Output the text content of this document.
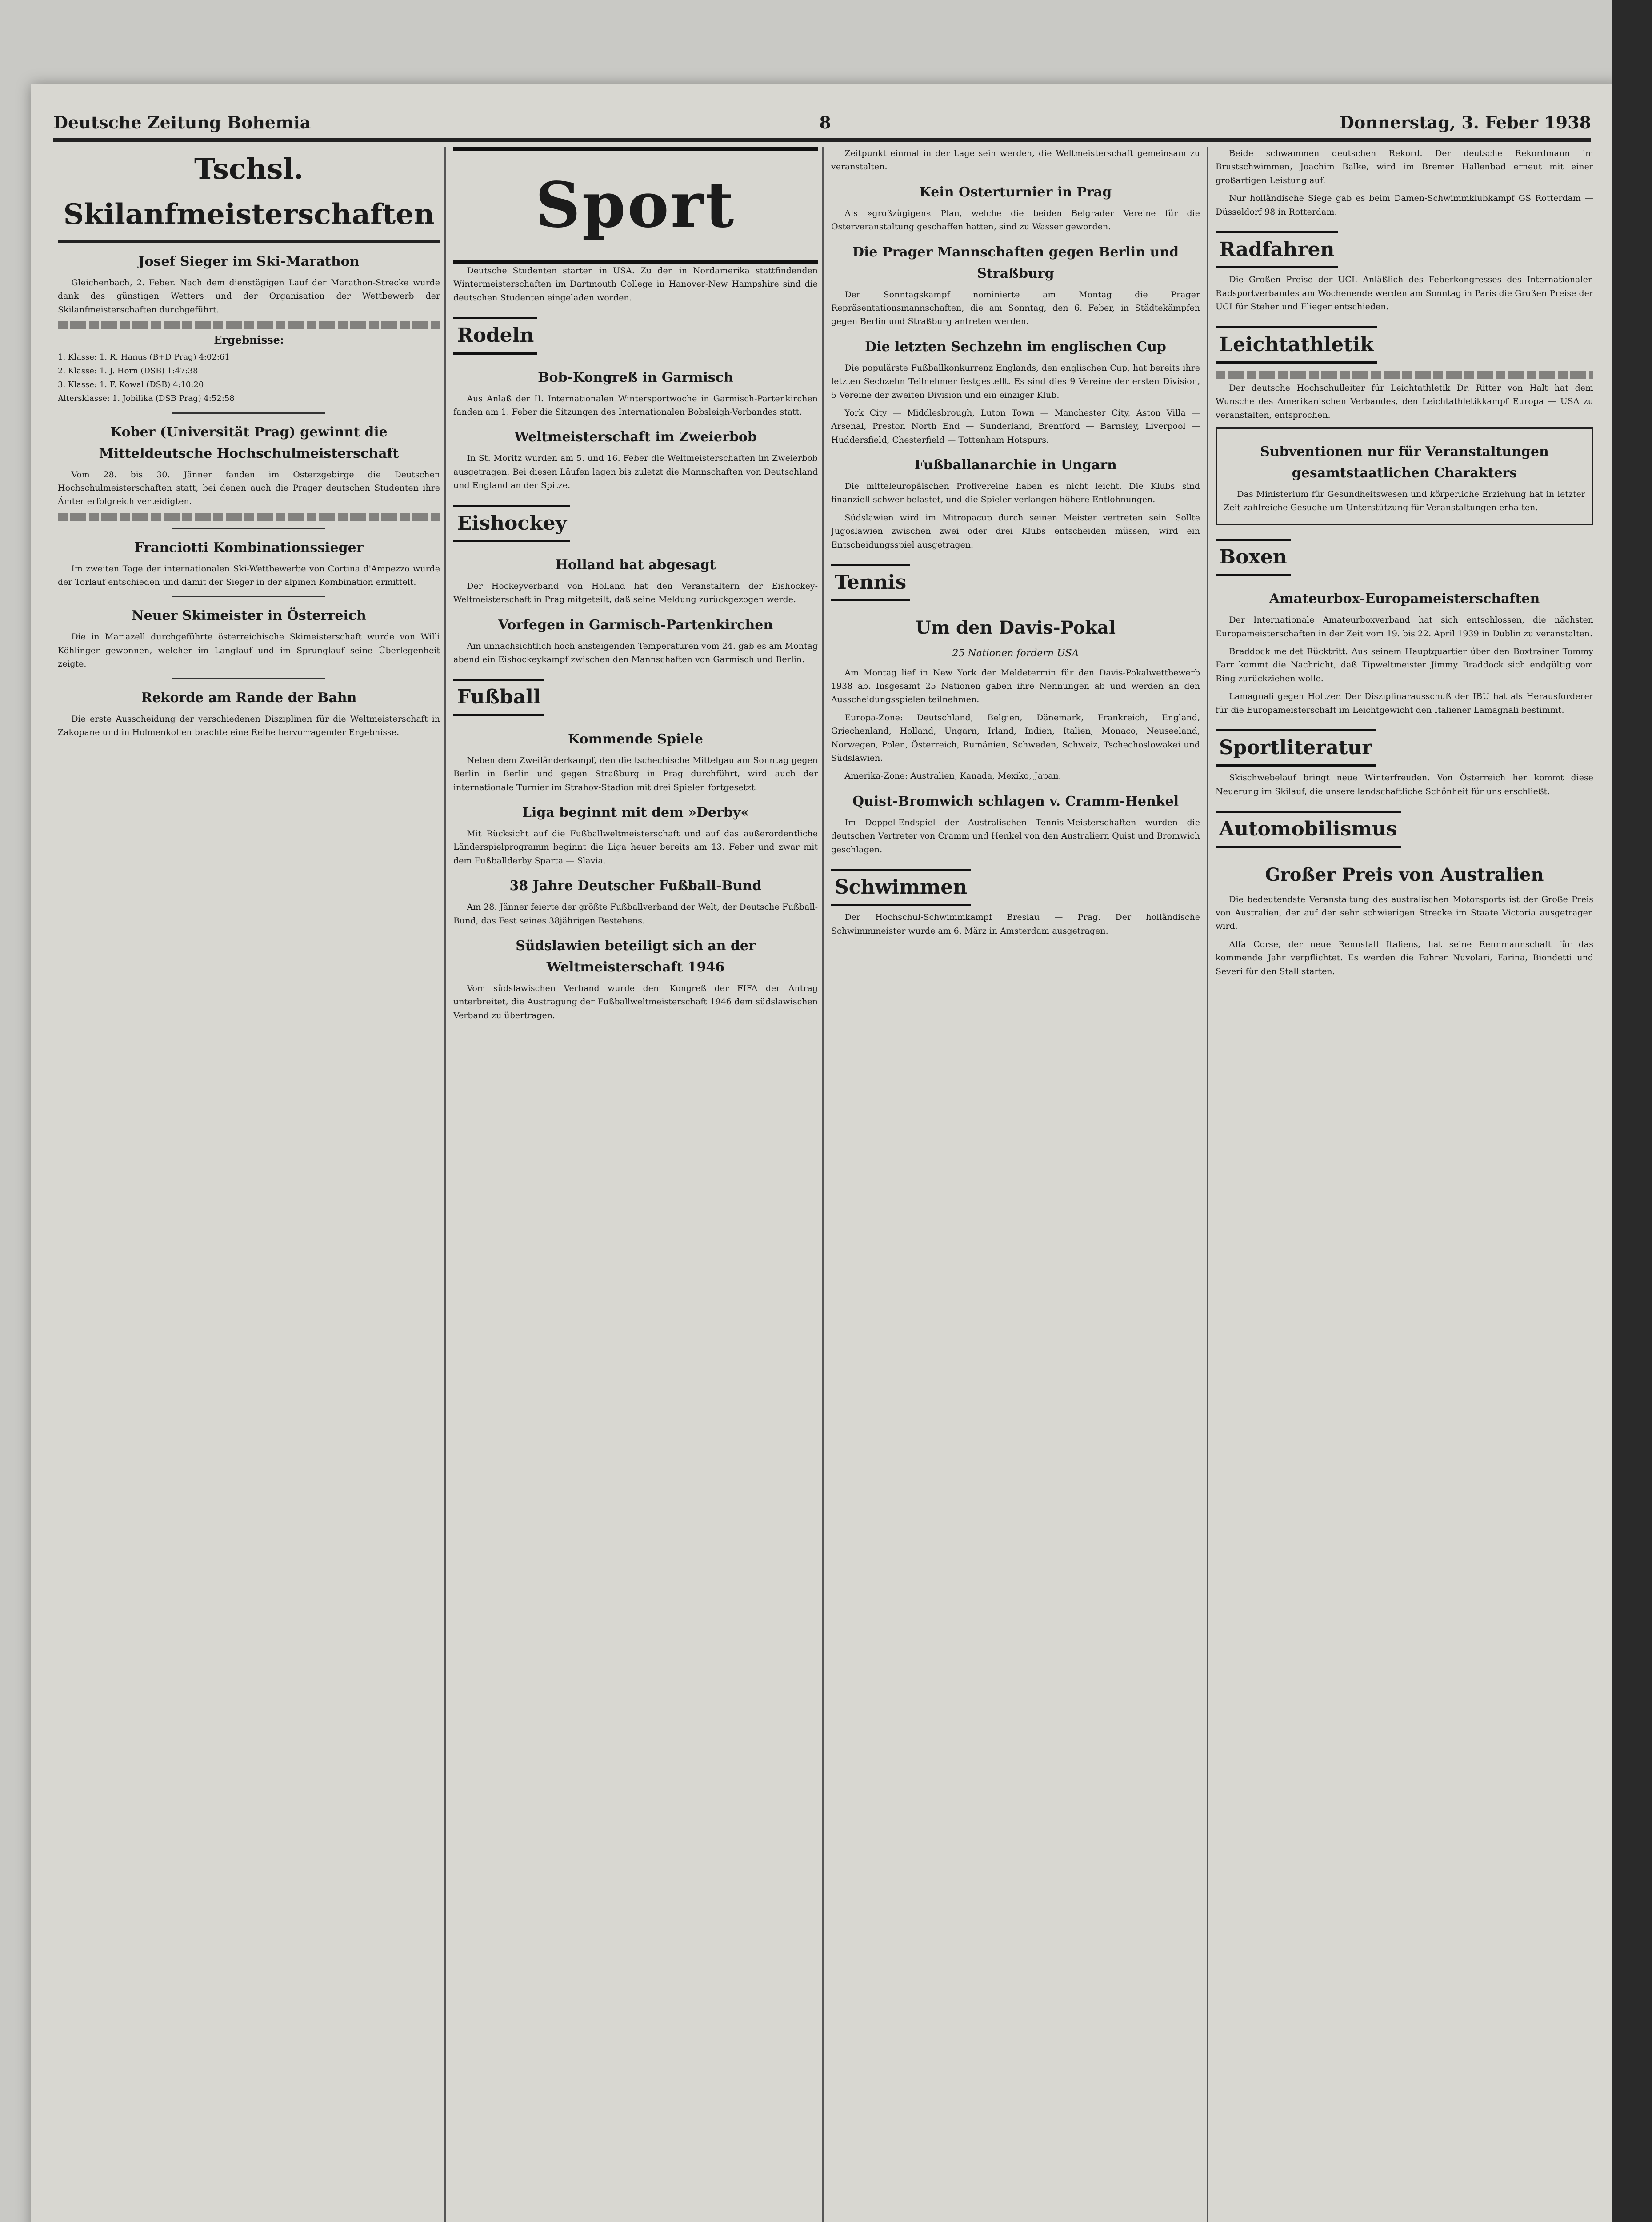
Deutsche Zeitung Bohemia	8	Donnerstag, 3. Feber 1938
Tschsl. Skilanfmeisterschaften
Josef Sieger im Ski-Marathon

Gleichenbach, 2. Feber. Nach dem dienstägigen Lauf der Marathon-Strecke wurde dank des günstigen Wetters und der Organisation der Wettbewerb der Skilanfmeisterschaften durchgeführt.

Ergebnisse:
1. Klasse: 1. R. Hanus (B+D Prag) 4:02:61
2. Klasse: 1. J. Horn (DSB) 1:47:38
3. Klasse: 1. F. Kowal (DSB) 4:10:20
Altersklasse: 1. Jobilika (DSB Prag) 4:52:58
Kober (Universität Prag) gewinnt die Mitteldeutsche Hochschulmeisterschaft

Vom 28. bis 30. Jänner fanden im Osterzgebirge die Deutschen Hochschulmeisterschaften statt, bei denen auch die Prager deutschen Studenten ihre Ämter erfolgreich verteidigten.

Franciotti Kombinationssieger

Im zweiten Tage der internationalen Ski-Wettbewerbe von Cortina d'Ampezzo wurde der Torlauf entschieden und damit der Sieger in der alpinen Kombination ermittelt.

Neuer Skimeister in Österreich

Die in Mariazell durchgeführte österreichische Skimeisterschaft wurde von Willi Köhlinger gewonnen, welcher im Langlauf und im Sprunglauf seine Überlegenheit zeigte.

Rekorde am Rande der Bahn

Die erste Ausscheidung der verschiedenen Disziplinen für die Weltmeisterschaft in Zakopane und in Holmenkollen brachte eine Reihe hervorragender Ergebnisse.

Sport

Deutsche Studenten starten in USA. Zu den in Nordamerika stattfindenden Wintermeisterschaften im Dartmouth College in Hanover-New Hampshire sind die deutschen Studenten eingeladen worden.

Rodeln
Bob-Kongreß in Garmisch

Aus Anlaß der II. Internationalen Wintersportwoche in Garmisch-Partenkirchen fanden am 1. Feber die Sitzungen des Internationalen Bobsleigh-Verbandes statt.

Weltmeisterschaft im Zweierbob

In St. Moritz wurden am 5. und 16. Feber die Weltmeisterschaften im Zweierbob ausgetragen. Bei diesen Läufen lagen bis zuletzt die Mannschaften von Deutschland und England an der Spitze.

Eishockey
Holland hat abgesagt

Der Hockeyverband von Holland hat den Veranstaltern der Eishockey-Weltmeisterschaft in Prag mitgeteilt, daß seine Meldung zurückgezogen werde.

Vorfegen in Garmisch-Partenkirchen

Am unnachsichtlich hoch ansteigenden Temperaturen vom 24. gab es am Montag abend ein Eishockeykampf zwischen den Mannschaften von Garmisch und Berlin.

Fußball
Kommende Spiele

Neben dem Zweiländerkampf, den die tschechische Mittelgau am Sonntag gegen Berlin in Berlin und gegen Straßburg in Prag durchführt, wird auch der internationale Turnier im Strahov-Stadion mit drei Spielen fortgesetzt.

Liga beginnt mit dem »Derby«

Mit Rücksicht auf die Fußballweltmeisterschaft und auf das außerordentliche Länderspielprogramm beginnt die Liga heuer bereits am 13. Feber und zwar mit dem Fußballderby Sparta — Slavia.

38 Jahre Deutscher Fußball-Bund

Am 28. Jänner feierte der größte Fußballverband der Welt, der Deutsche Fußball-Bund, das Fest seines 38jährigen Bestehens.

Südslawien beteiligt sich an der Weltmeisterschaft 1946

Vom südslawischen Verband wurde dem Kongreß der FIFA der Antrag unterbreitet, die Austragung der Fußballweltmeisterschaft 1946 dem südslawischen Verband zu übertragen.

Zeitpunkt einmal in der Lage sein werden, die Weltmeisterschaft gemeinsam zu veranstalten.

Kein Osterturnier in Prag

Als »großzügigen« Plan, welche die beiden Belgrader Vereine für die Osterveranstaltung geschaffen hatten, sind zu Wasser geworden.

Die Prager Mannschaften gegen Berlin und Straßburg

Der Sonntagskampf nominierte am Montag die Prager Repräsentationsmannschaften, die am Sonntag, den 6. Feber, in Städtekämpfen gegen Berlin und Straßburg antreten werden.

Die letzten Sechzehn im englischen Cup

Die populärste Fußballkonkurrenz Englands, den englischen Cup, hat bereits ihre letzten Sechzehn Teilnehmer festgestellt. Es sind dies 9 Vereine der ersten Division, 5 Vereine der zweiten Division und ein einziger Klub.

York City — Middlesbrough, Luton Town — Manchester City, Aston Villa — Arsenal, Preston North End — Sunderland, Brentford — Barnsley, Liverpool — Huddersfield, Chesterfield — Tottenham Hotspurs.

Fußballanarchie in Ungarn

Die mitteleuropäischen Profivereine haben es nicht leicht. Die Klubs sind finanziell schwer belastet, und die Spieler verlangen höhere Entlohnungen.

Südslawien wird im Mitropacup durch seinen Meister vertreten sein. Sollte Jugoslawien zwischen zwei oder drei Klubs entscheiden müssen, wird ein Entscheidungsspiel ausgetragen.

Tennis
Um den Davis-Pokal
25 Nationen fordern USA

Am Montag lief in New York der Meldetermin für den Davis-Pokalwettbewerb 1938 ab. Insgesamt 25 Nationen gaben ihre Nennungen ab und werden an den Ausscheidungsspielen teilnehmen.

Europa-Zone: Deutschland, Belgien, Dänemark, Frankreich, England, Griechenland, Holland, Ungarn, Irland, Indien, Italien, Monaco, Neuseeland, Norwegen, Polen, Österreich, Rumänien, Schweden, Schweiz, Tschechoslowakei und Südslawien.

Amerika-Zone: Australien, Kanada, Mexiko, Japan.

Quist-Bromwich schlagen v. Cramm-Henkel

Im Doppel-Endspiel der Australischen Tennis-Meisterschaften wurden die deutschen Vertreter von Cramm und Henkel von den Australiern Quist und Bromwich geschlagen.

Schwimmen

Der Hochschul-Schwimmkampf Breslau — Prag. Der holländische Schwimmmeister wurde am 6. März in Amsterdam ausgetragen.

Beide schwammen deutschen Rekord. Der deutsche Rekordmann im Brustschwimmen, Joachim Balke, wird im Bremer Hallenbad erneut mit einer großartigen Leistung auf.

Nur holländische Siege gab es beim Damen-Schwimmklubkampf GS Rotterdam — Düsseldorf 98 in Rotterdam.

Radfahren

Die Großen Preise der UCI. Anläßlich des Feberkongresses des Internationalen Radsportverbandes am Wochenende werden am Sonntag in Paris die Großen Preise der UCI für Steher und Flieger entschieden.

Leichtathletik

Der deutsche Hochschulleiter für Leichtathletik Dr. Ritter von Halt hat dem Wunsche des Amerikanischen Verbandes, den Leichtathletikkampf Europa — USA zu veranstalten, entsprochen.

Subventionen nur für Veranstaltungen gesamtstaatlichen Charakters

Das Ministerium für Gesundheitswesen und körperliche Erziehung hat in letzter Zeit zahlreiche Gesuche um Unterstützung für Veranstaltungen erhalten.

Boxen
Amateurbox-Europameisterschaften

Der Internationale Amateurboxverband hat sich entschlossen, die nächsten Europameisterschaften in der Zeit vom 19. bis 22. April 1939 in Dublin zu veranstalten.

Braddock meldet Rücktritt. Aus seinem Hauptquartier über den Boxtrainer Tommy Farr kommt die Nachricht, daß Tipweltmeister Jimmy Braddock sich endgültig vom Ring zurückziehen wolle.

Lamagnali gegen Holtzer. Der Disziplinarausschuß der IBU hat als Herausforderer für die Europameisterschaft im Leichtgewicht den Italiener Lamagnali bestimmt.

Sportliteratur

Skischwebelauf bringt neue Winterfreuden. Von Österreich her kommt diese Neuerung im Skilauf, die unsere landschaftliche Schönheit für uns erschließt.

Automobilismus
Großer Preis von Australien

Die bedeutendste Veranstaltung des australischen Motorsports ist der Große Preis von Australien, der auf der sehr schwierigen Strecke im Staate Victoria ausgetragen wird.

Alfa Corse, der neue Rennstall Italiens, hat seine Rennmannschaft für das kommende Jahr verpflichtet. Es werden die Fahrer Nuvolari, Farina, Biondetti und Severi für den Stall starten.
